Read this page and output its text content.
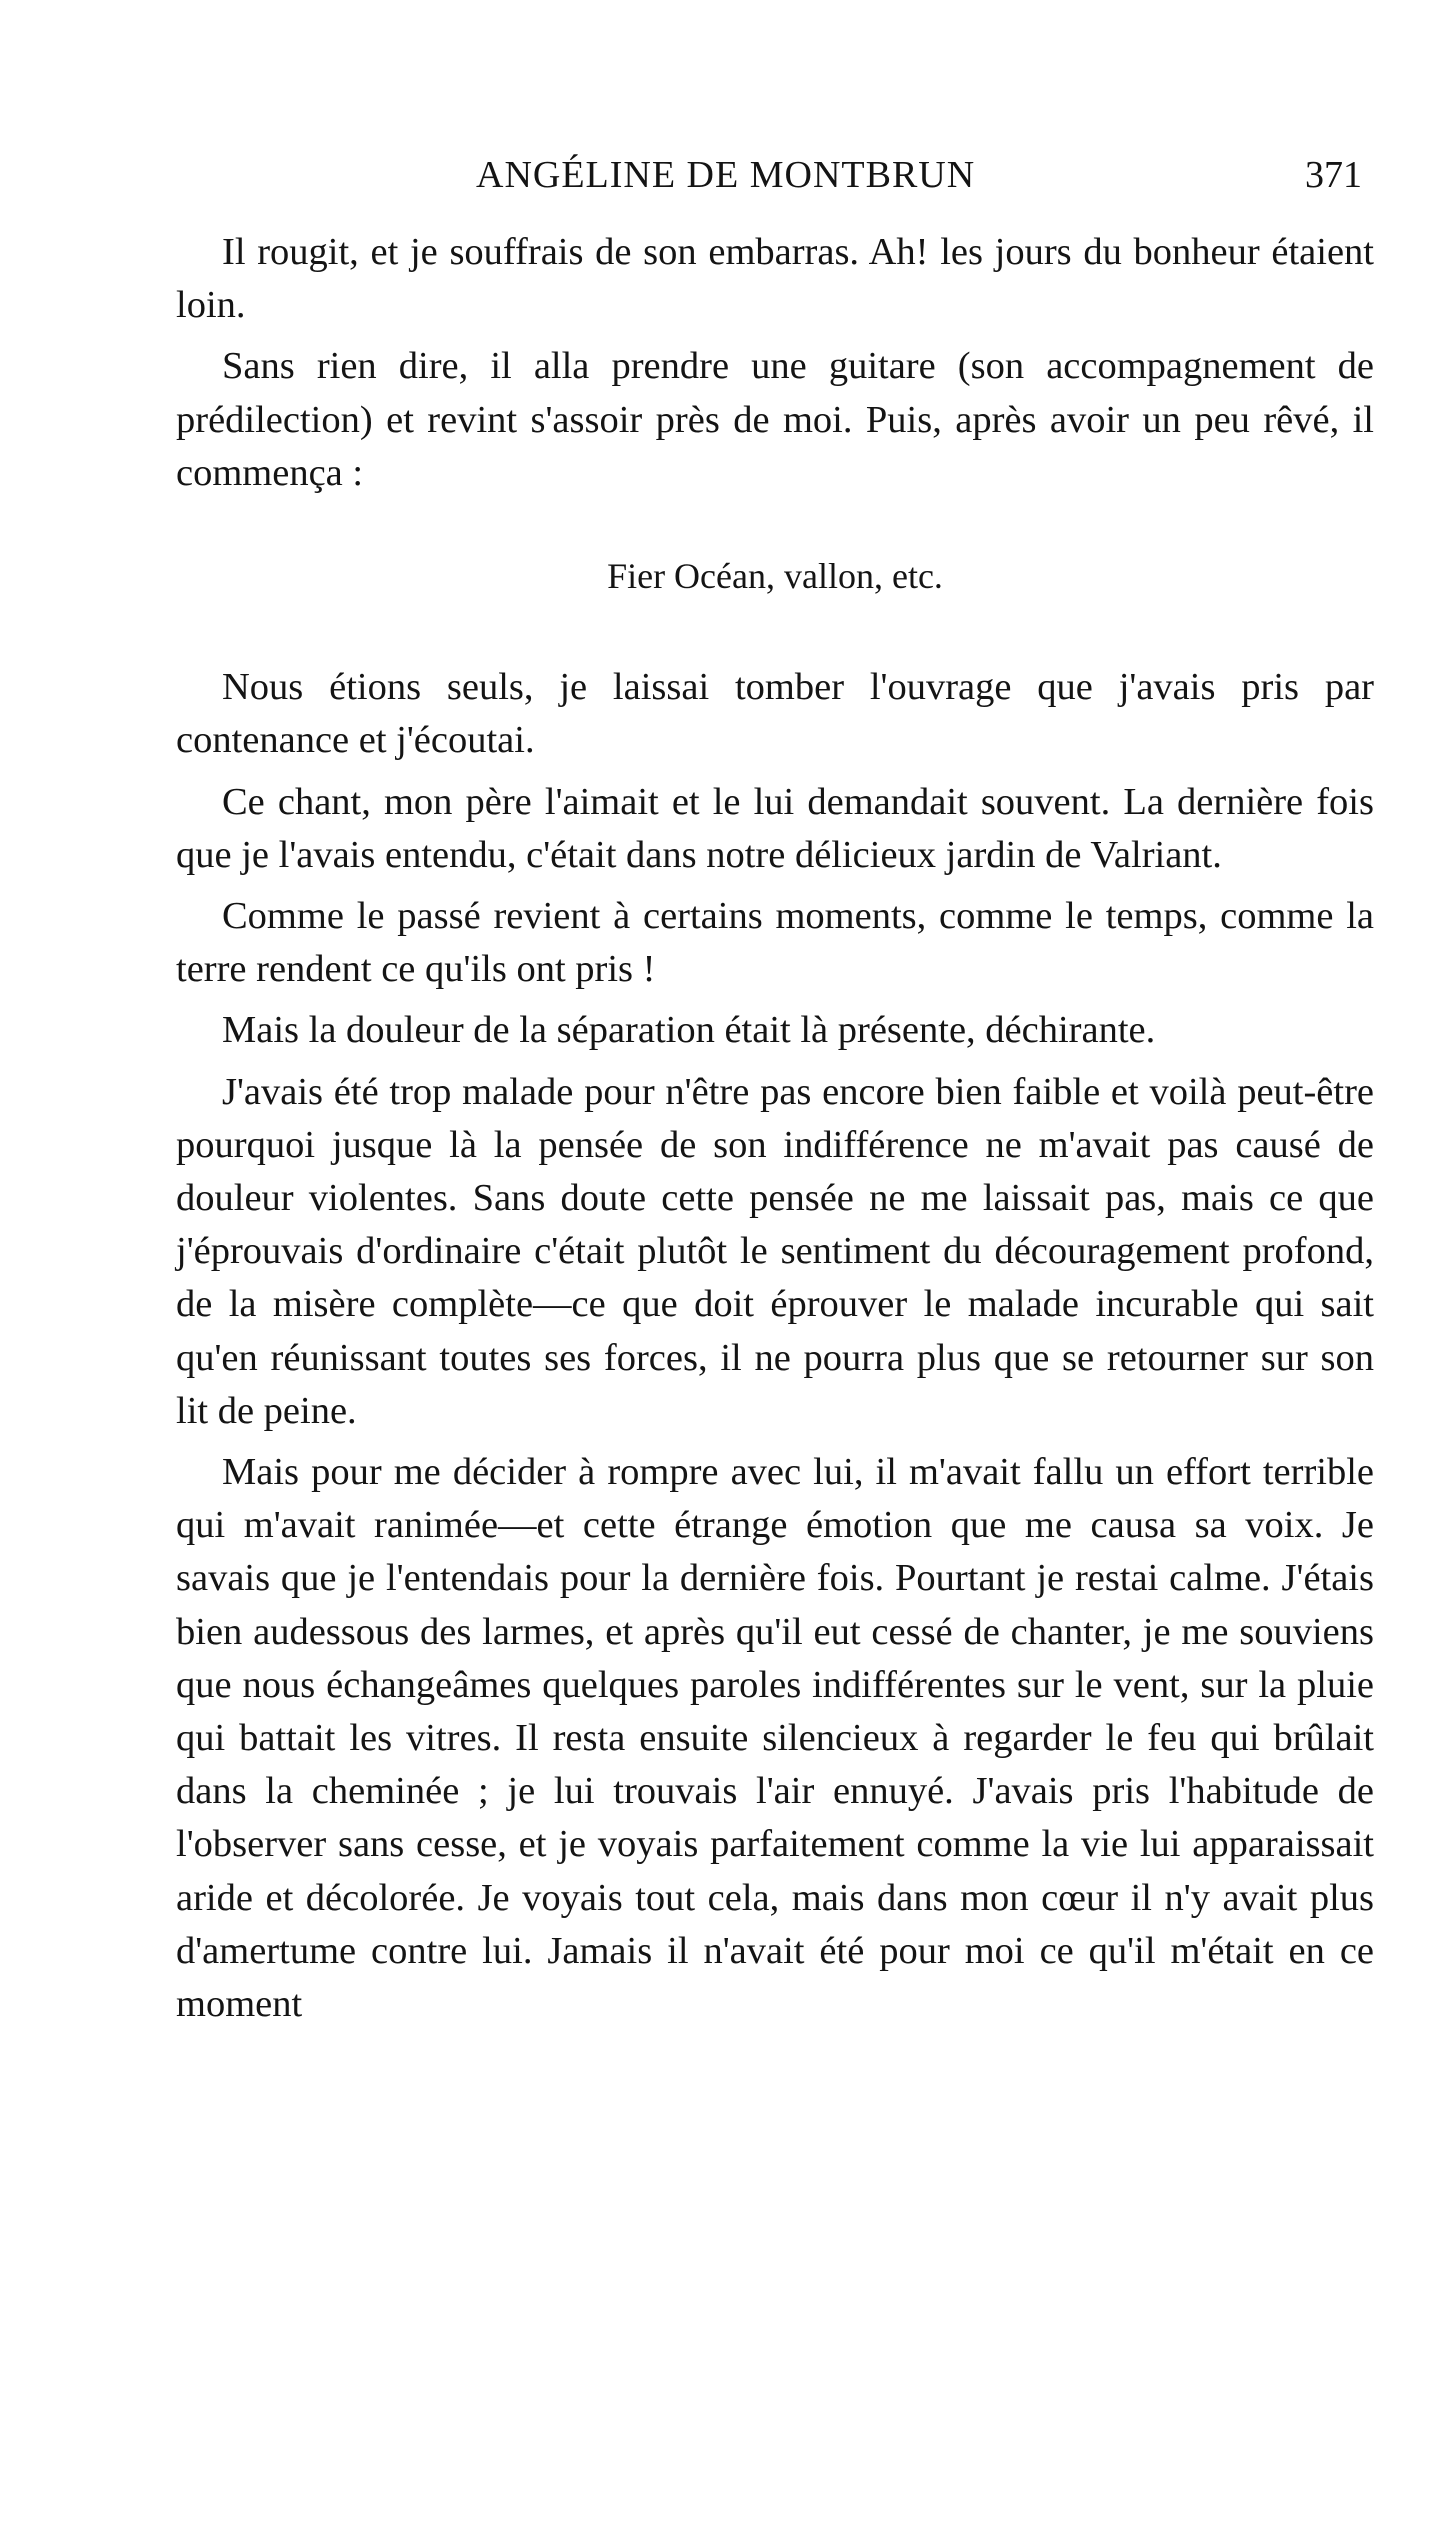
ANGÉLINE DE MONTBRUN	371

Il rougit, et je souffrais de son embarras. Ah! les jours du bonheur étaient loin.

Sans rien dire, il alla prendre une guitare (son accompagnement de prédilection) et revint s'assoir près de moi. Puis, après avoir un peu rêvé, il commença :

Fier Océan, vallon, etc.

Nous étions seuls, je laissai tomber l'ouvrage que j'avais pris par contenance et j'écoutai.

Ce chant, mon père l'aimait et le lui demandait souvent. La dernière fois que je l'avais entendu, c'était dans notre délicieux jardin de Valriant.

Comme le passé revient à certains moments, comme le temps, comme la terre rendent ce qu'ils ont pris !

Mais la douleur de la séparation était là présente, déchirante.

J'avais été trop malade pour n'être pas encore bien faible et voilà peut-être pourquoi jusque là la pensée de son indifférence ne m'avait pas causé de douleur violentes. Sans doute cette pensée ne me laissait pas, mais ce que j'éprouvais d'ordinaire c'était plutôt le sentiment du découragement profond, de la misère complète—ce que doit éprouver le malade incurable qui sait qu'en réunissant toutes ses forces, il ne pourra plus que se retourner sur son lit de peine.

Mais pour me décider à rompre avec lui, il m'avait fallu un effort terrible qui m'avait ranimée—et cette étrange émotion que me causa sa voix. Je savais que je l'entendais pour la dernière fois. Pourtant je restai calme. J'étais bien audessous des larmes, et après qu'il eut cessé de chanter, je me souviens que nous échangeâmes quelques paroles indifférentes sur le vent, sur la pluie qui battait les vitres. Il resta ensuite silencieux à regarder le feu qui brûlait dans la cheminée ; je lui trouvais l'air ennuyé. J'avais pris l'habitude de l'observer sans cesse, et je voyais parfaitement comme la vie lui apparaissait aride et décolorée. Je voyais tout cela, mais dans mon cœur il n'y avait plus d'amertume contre lui. Jamais il n'avait été pour moi ce qu'il m'était en ce moment
